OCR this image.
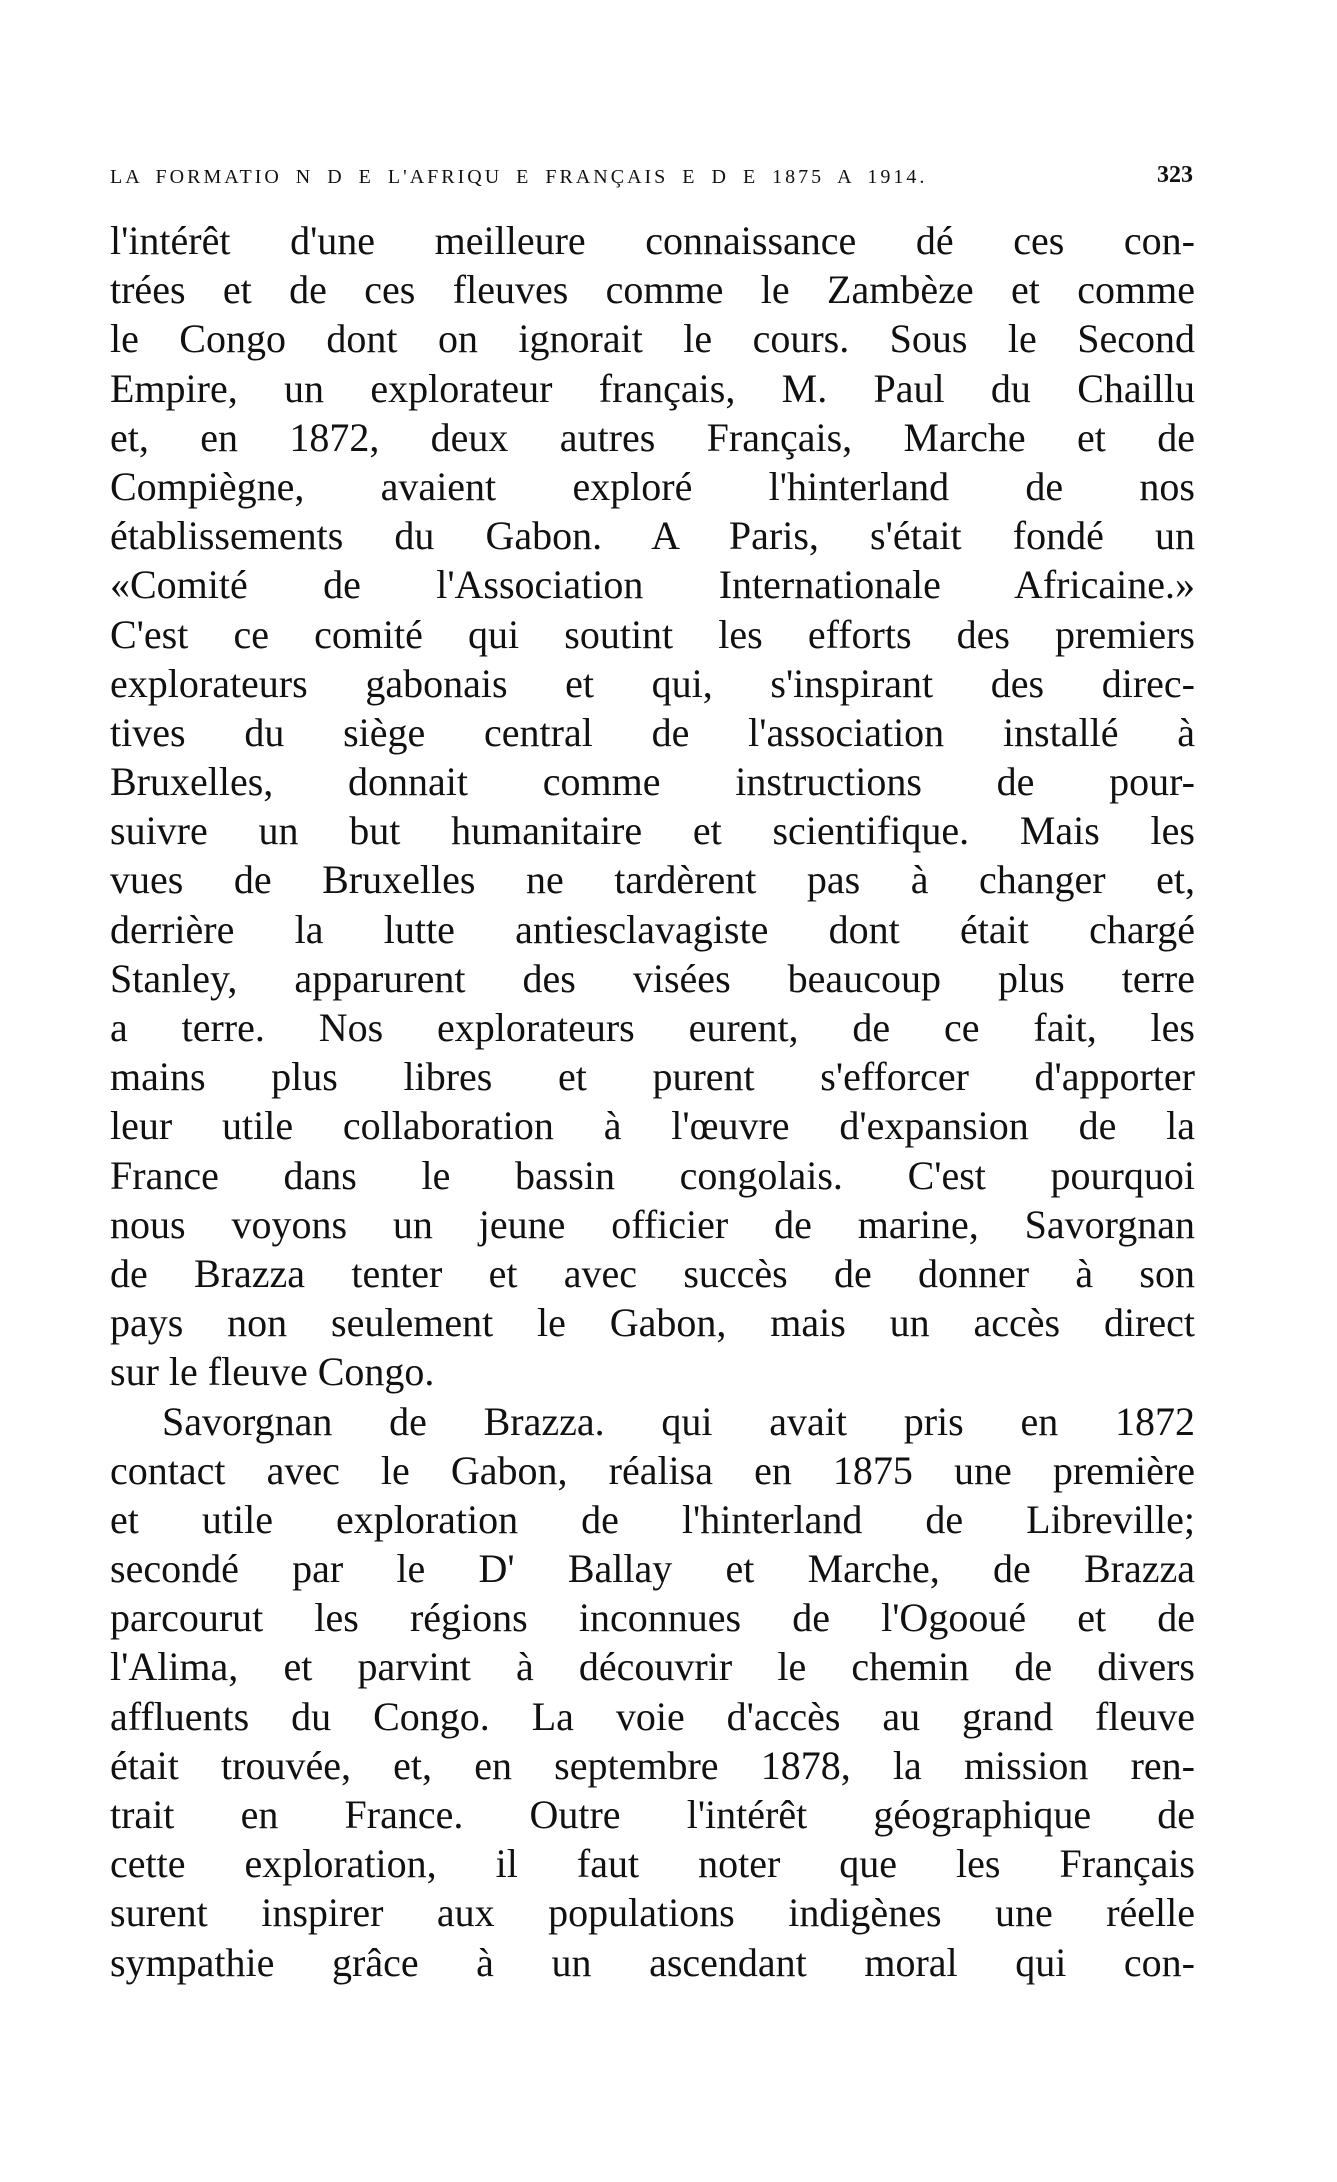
LA FORMATIO N D E L'AFRIQU E FRANÇAIS E D E 1875 A 1914.	323
l'intérêt d'une meilleure connaissance dé ces con-
trées et de ces fleuves comme le Zambèze et comme
le Congo dont on ignorait le cours. Sous le Second
Empire, un explorateur français, M. Paul du Chaillu
et, en 1872, deux autres Français, Marche et de
Compiègne, avaient exploré l'hinterland de nos
établissements du Gabon. A Paris, s'était fondé un
«Comité de l'Association Internationale Africaine.»
C'est ce comité qui soutint les efforts des premiers
explorateurs gabonais et qui, s'inspirant des direc-
tives du siège central de l'association installé à
Bruxelles, donnait comme instructions de pour-
suivre un but humanitaire et scientifique. Mais les
vues de Bruxelles ne tardèrent pas à changer et,
derrière la lutte antiesclavagiste dont était chargé
Stanley, apparurent des visées beaucoup plus terre
a terre. Nos explorateurs eurent, de ce fait, les
mains plus libres et purent s'efforcer d'apporter
leur utile collaboration à l'œuvre d'expansion de la
France dans le bassin congolais. C'est pourquoi
nous voyons un jeune officier de marine, Savorgnan
de Brazza tenter et avec succès de donner à son
pays non seulement le Gabon, mais un accès direct
sur le fleuve Congo.
Savorgnan de Brazza. qui avait pris en 1872
contact avec le Gabon, réalisa en 1875 une première
et utile exploration de l'hinterland de Libreville;
secondé par le D' Ballay et Marche, de Brazza
parcourut les régions inconnues de l'Ogooué et de
l'Alima, et parvint à découvrir le chemin de divers
affluents du Congo. La voie d'accès au grand fleuve
était trouvée, et, en septembre 1878, la mission ren-
trait en France. Outre l'intérêt géographique de
cette exploration, il faut noter que les Français
surent inspirer aux populations indigènes une réelle
sympathie grâce à un ascendant moral qui con-
